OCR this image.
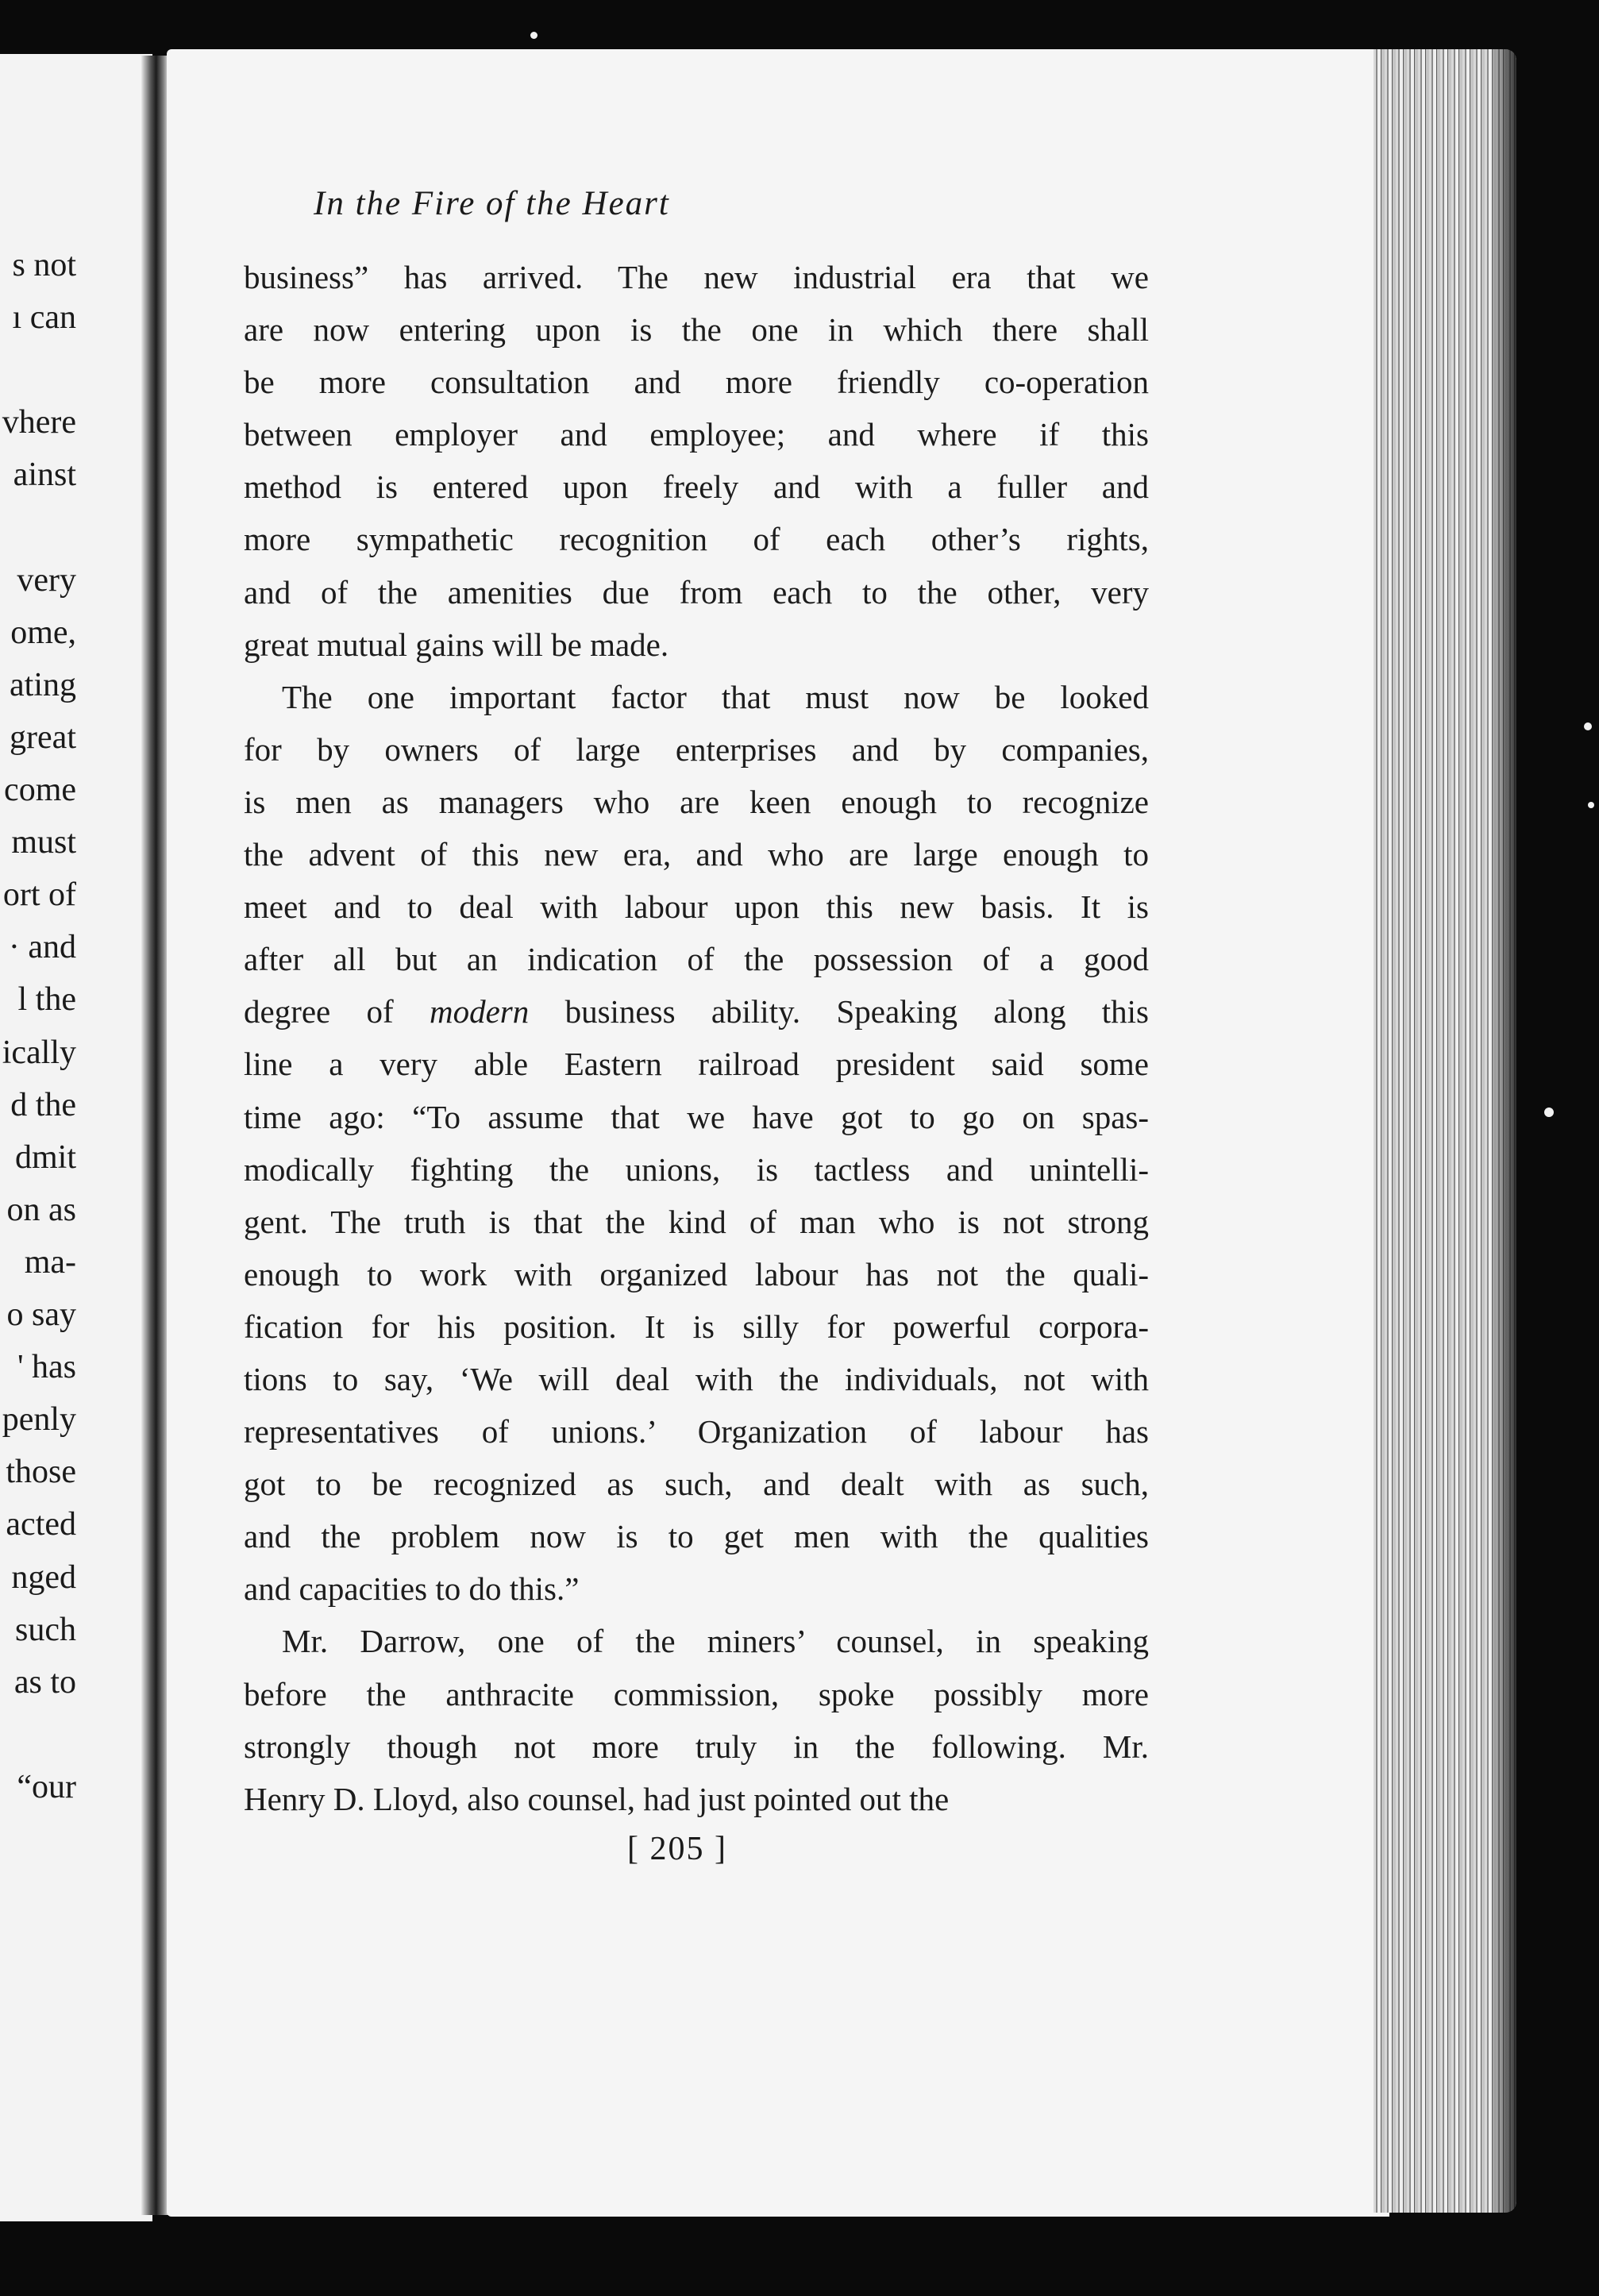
s not
ı can
vhere
ainst
very
ome,
ating
great
come
must
ort of
· and
l the
ically
d the
dmit
on as
ma-
o say
' has
penly
those
acted
nged
such
as to
“our
In the Fire of the Heart
business” has arrived. The new industrial era that we
are now entering upon is the one in which there shall
be more consultation and more friendly co-operation
between employer and employee; and where if this
method is entered upon freely and with a fuller and
more sympathetic recognition of each other’s rights,
and of the amenities due from each to the other, very
great mutual gains will be made.
The one important factor that must now be looked
for by owners of large enterprises and by companies,
is men as managers who are keen enough to recognize
the advent of this new era, and who are large enough to
meet and to deal with labour upon this new basis. It is
after all but an indication of the possession of a good
degree of modern business ability. Speaking along this
line a very able Eastern railroad president said some
time ago: “To assume that we have got to go on spas-
modically fighting the unions, is tactless and unintelli-
gent. The truth is that the kind of man who is not strong
enough to work with organized labour has not the quali-
fication for his position. It is silly for powerful corpora-
tions to say, ‘We will deal with the individuals, not with
representatives of unions.’ Organization of labour has
got to be recognized as such, and dealt with as such,
and the problem now is to get men with the qualities
and capacities to do this.”
Mr. Darrow, one of the miners’ counsel, in speaking
before the anthracite commission, spoke possibly more
strongly though not more truly in the following. Mr.
Henry D. Lloyd, also counsel, had just pointed out the
[ 205 ]
